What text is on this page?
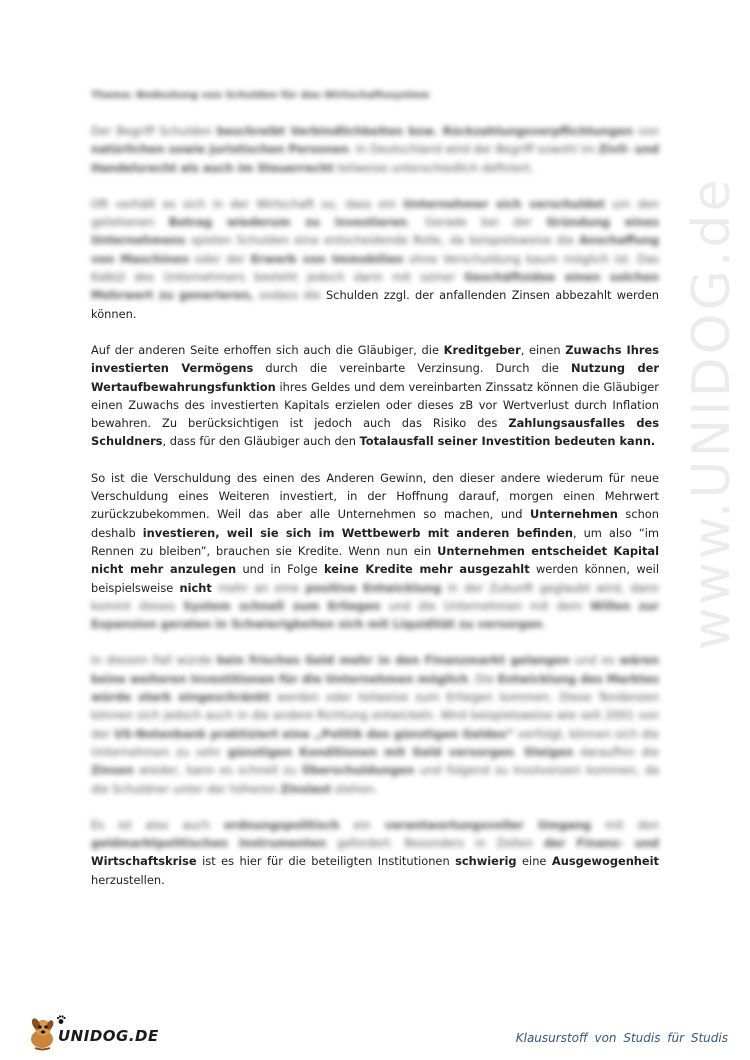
www.UNIDOG.de
Thema: Bedeutung von Schulden für das Wirtschaftssystem

Der Begriff Schulden beschreibt Verbindlichkeiten bzw. Rückzahlungsverpflichtungen von natürlichen sowie juristischen Personen. In Deutschland wird der Begriff sowohl im Zivil- und Handelsrecht als auch im Steuerrecht teilweise unterschiedlich definiert.

Oft verhält es sich in der Wirtschaft so, dass ein Unternehmer sich verschuldet um den geliehenen Betrag wiederum zu investieren. Gerade bei der Gründung eines Unternehmens spielen Schulden eine entscheidende Rolle, da beispielsweise die Anschaffung von Maschinen oder der Erwerb von Immobilien ohne Verschuldung kaum möglich ist. Das Kalkül des Unternehmers besteht jedoch darin mit seiner Geschäftsidee einen solchen Mehrwert zu generieren, sodass die Schulden zzgl. der anfallenden Zinsen abbezahlt werden können.

Auf der anderen Seite erhoffen sich auch die Gläubiger, die Kreditgeber, einen Zuwachs Ihres investierten Vermögens durch die vereinbarte Verzinsung. Durch die Nutzung der Wertaufbewahrungsfunktion ihres Geldes und dem vereinbarten Zinssatz können die Gläubiger einen Zuwachs des investierten Kapitals erzielen oder dieses zB vor Wertverlust durch Inflation bewahren. Zu berücksichtigen ist jedoch auch das Risiko des Zahlungsausfalles des Schuldners, dass für den Gläubiger auch den Totalausfall seiner Investition bedeuten kann.

So ist die Verschuldung des einen des Anderen Gewinn, den dieser andere wiederum für neue Verschuldung eines Weiteren investiert, in der Hoffnung darauf, morgen einen Mehrwert zurückzubekommen. Weil das aber alle Unternehmen so machen, und Unternehmen schon deshalb investieren, weil sie sich im Wettbewerb mit anderen befinden, um also “im Rennen zu bleiben”, brauchen sie Kredite. Wenn nun ein Unternehmen entscheidet Kapital nicht mehr anzulegen und in Folge keine Kredite mehr ausgezahlt werden können, weil beispielsweise nicht mehr an eine positive Entwicklung in der Zukunft geglaubt wird, dann kommt dieses System schnell zum Erliegen und die Unternehmen mit dem Willen zur Expansion geraten in Schwierigkeiten sich mit Liquidität zu versorgen.

In diesem Fall würde kein frisches Geld mehr in den Finanzmarkt gelangen und es wären keine weiteren Investitionen für die Unternehmen möglich. Die Entwicklung des Marktes würde stark eingeschränkt werden oder teilweise zum Erliegen kommen. Diese Tendenzen können sich jedoch auch in die andere Richtung entwickeln. Wird beispielsweise wie seit 2001 von der US-Notenbank praktiziert eine „Politik des günstigen Geldes“ verfolgt, können sich die Unternehmen zu sehr günstigen Konditionen mit Geld versorgen. Steigen daraufhin die Zinsen wieder, kann es schnell zu Überschuldungen und folgend zu Insolvenzen kommen, da die Schuldner unter der höheren Zinslast stehen.

Es ist also auch ordnungspolitisch ein verantwortungsvoller Umgang mit den geldmarktpolitischen Instrumenten gefordert. Besonders in Zeiten der Finanz- und Wirtschaftskrise ist es hier für die beteiligten Institutionen schwierig eine Ausgewogenheit herzustellen.

UNIDOG.DE	Klausurstoff von Studis für Studis
